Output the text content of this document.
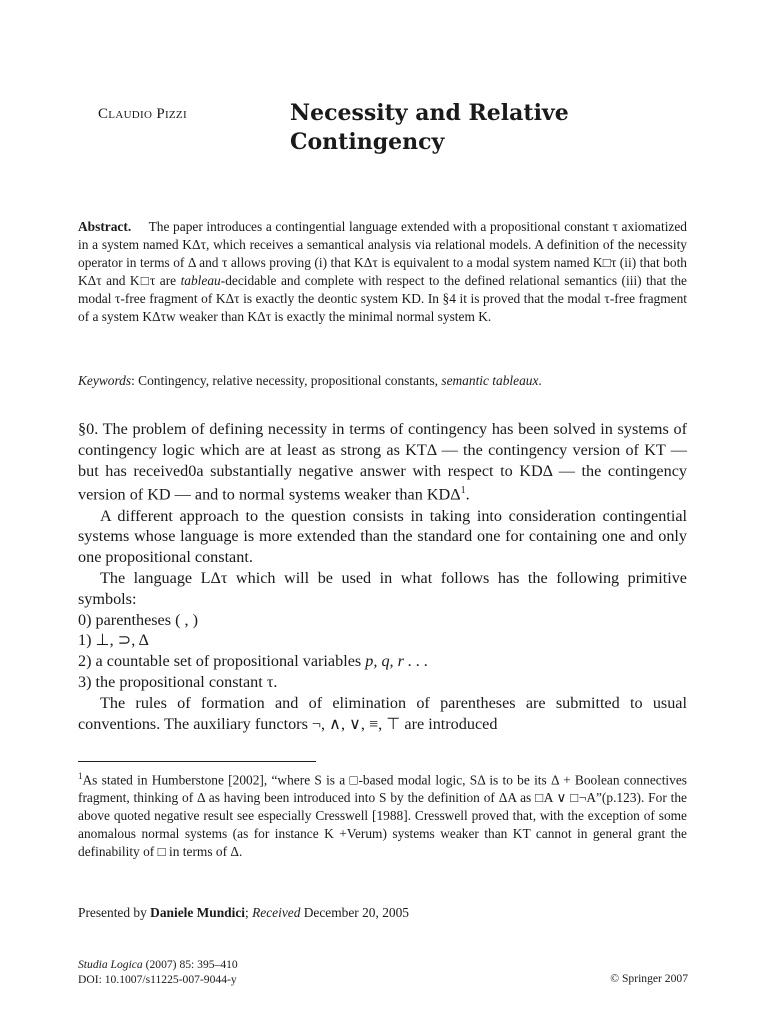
Claudio Pizzi	Necessity and Relative Contingency
Abstract. The paper introduces a contingential language extended with a propositional constant τ axiomatized in a system named KΔτ, which receives a semantical analysis via relational models. A definition of the necessity operator in terms of Δ and τ allows proving (i) that KΔτ is equivalent to a modal system named K□τ (ii) that both KΔτ and K□τ are tableau-decidable and complete with respect to the defined relational semantics (iii) that the modal τ-free fragment of KΔτ is exactly the deontic system KD. In §4 it is proved that the modal τ-free fragment of a system KΔτw weaker than KΔτ is exactly the minimal normal system K.
Keywords: Contingency, relative necessity, propositional constants, semantic tableaux.

§0. The problem of defining necessity in terms of contingency has been solved in systems of contingency logic which are at least as strong as KTΔ — the contingency version of KT — but has received0a substantially negative answer with respect to KDΔ — the contingency version of KD — and to normal systems weaker than KDΔ$^1$.

A different approach to the question consists in taking into consideration contingential systems whose language is more extended than the standard one for containing one and only one propositional constant.

The language LΔτ which will be used in what follows has the following primitive symbols:

0) parentheses ( , )

1) ⊥, ⊃, Δ

2) a countable set of propositional variables p, q, r . . .

3) the propositional constant τ.

The rules of formation and of elimination of parentheses are submitted to usual conventions. The auxiliary functors ¬, ∧, ∨, ≡, ⊤ are introduced

$^1$As stated in Humberstone [2002], “where S is a □-based modal logic, SΔ is to be its Δ + Boolean connectives fragment, thinking of Δ as having been introduced into S by the definition of ΔA as □A ∨ □¬A”(p.123). For the above quoted negative result see especially Cresswell [1988]. Cresswell proved that, with the exception of some anomalous normal systems (as for instance K +Verum) systems weaker than KT cannot in general grant the definability of □ in terms of Δ.
Presented by Daniele Mundici; Received December 20, 2005
Studia Logica (2007) 85: 395–410
DOI: 10.1007/s11225-007-9044-y	© Springer 2007
